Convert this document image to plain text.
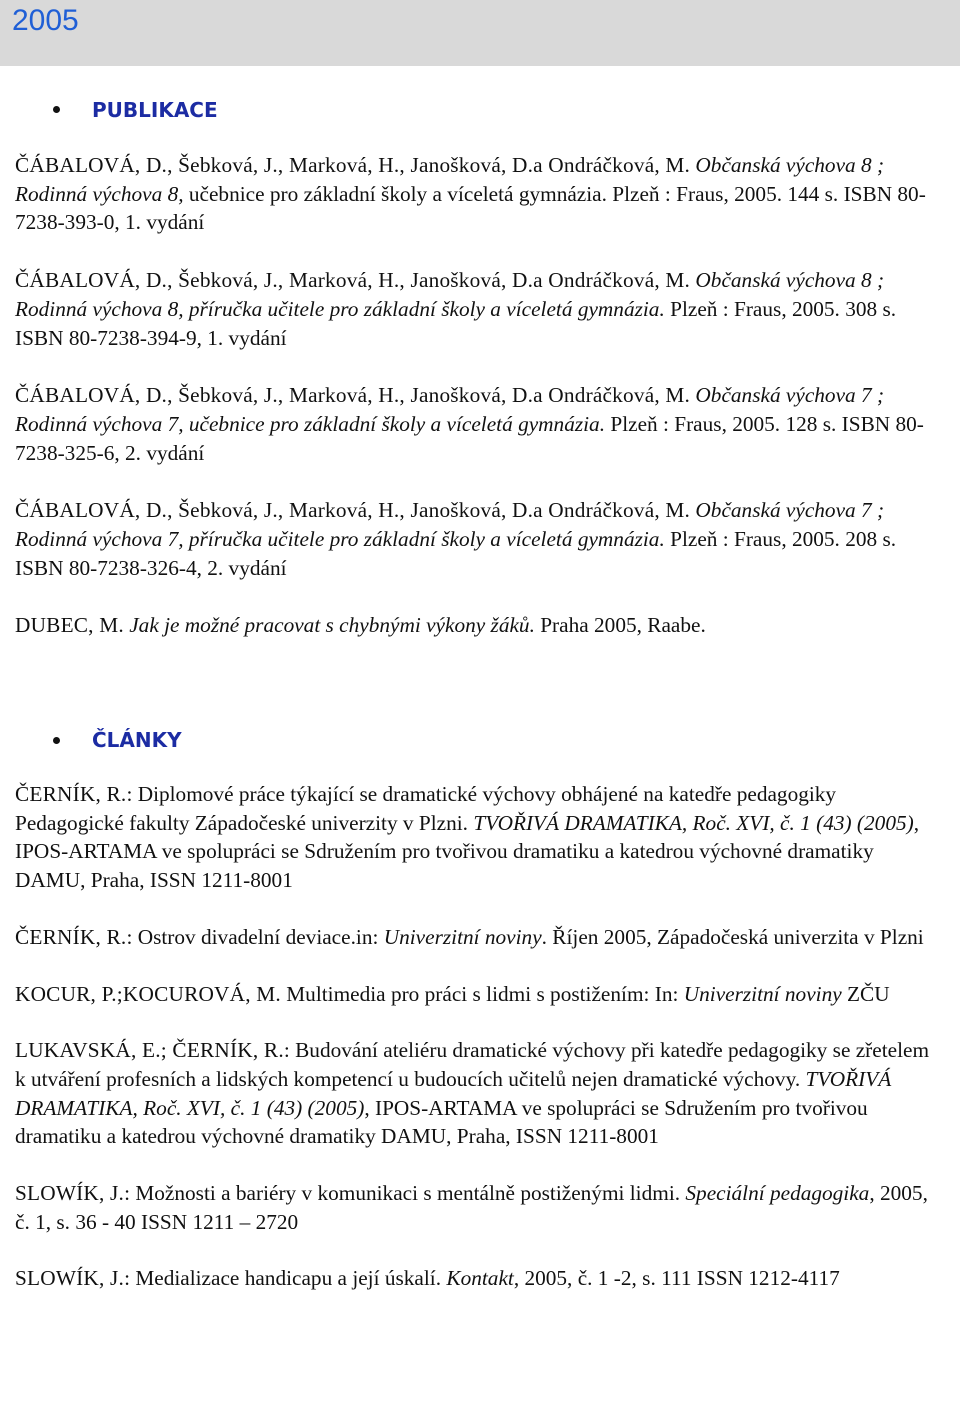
2005
PUBLIKACE

ČÁBALOVÁ, D., Šebková, J., Marková, H., Janošková, D.a Ondráčková, M. Občanská výchova 8 ; Rodinná výchova 8, učebnice pro základní školy a víceletá gymnázia. Plzeň : Fraus, 2005. 144 s. ISBN 80-7238-393-0, 1. vydání

ČÁBALOVÁ, D., Šebková, J., Marková, H., Janošková, D.a Ondráčková, M. Občanská výchova 8 ; Rodinná výchova 8, příručka učitele pro základní školy a víceletá gymnázia. Plzeň : Fraus, 2005. 308 s. ISBN 80-7238-394-9, 1. vydání

ČÁBALOVÁ, D., Šebková, J., Marková, H., Janošková, D.a Ondráčková, M. Občanská výchova 7 ; Rodinná výchova 7, učebnice pro základní školy a víceletá gymnázia. Plzeň : Fraus, 2005. 128 s. ISBN 80-7238-325-6, 2. vydání

ČÁBALOVÁ, D., Šebková, J., Marková, H., Janošková, D.a Ondráčková, M. Občanská výchova 7 ; Rodinná výchova 7, příručka učitele pro základní školy a víceletá gymnázia. Plzeň : Fraus, 2005. 208 s. ISBN 80-7238-326-4, 2. vydání

DUBEC, M. Jak je možné pracovat s chybnými výkony žáků. Praha 2005, Raabe.

ČLÁNKY

ČERNÍK, R.: Diplomové práce týkající se dramatické výchovy obhájené na katedře pedagogiky Pedagogické fakulty Západočeské univerzity v Plzni. TVOŘIVÁ DRAMATIKA, Roč. XVI, č. 1 (43) (2005), IPOS-ARTAMA ve spolupráci se Sdružením pro tvořivou dramatiku a katedrou výchovné dramatiky DAMU, Praha, ISSN 1211-8001

ČERNÍK, R.: Ostrov divadelní deviace.in: Univerzitní noviny. Říjen 2005, Západočeská univerzita v Plzni

KOCUR, P.;KOCUROVÁ, M. Multimedia pro práci s lidmi s postižením: In: Univerzitní noviny ZČU

LUKAVSKÁ, E.; ČERNÍK, R.: Budování ateliéru dramatické výchovy při katedře pedagogiky se zřetelem k utváření profesních a lidských kompetencí u budoucích učitelů nejen dramatické výchovy. TVOŘIVÁ DRAMATIKA, Roč. XVI, č. 1 (43) (2005), IPOS-ARTAMA ve spolupráci se Sdružením pro tvořivou dramatiku a katedrou výchovné dramatiky DAMU, Praha, ISSN 1211-8001

SLOWÍK, J.: Možnosti a bariéry v komunikaci s mentálně postiženými lidmi. Speciální pedagogika, 2005, č. 1, s. 36 - 40 ISSN 1211 – 2720

SLOWÍK, J.: Medializace handicapu a její úskalí. Kontakt, 2005, č. 1 -2, s. 111 ISSN 1212-4117
